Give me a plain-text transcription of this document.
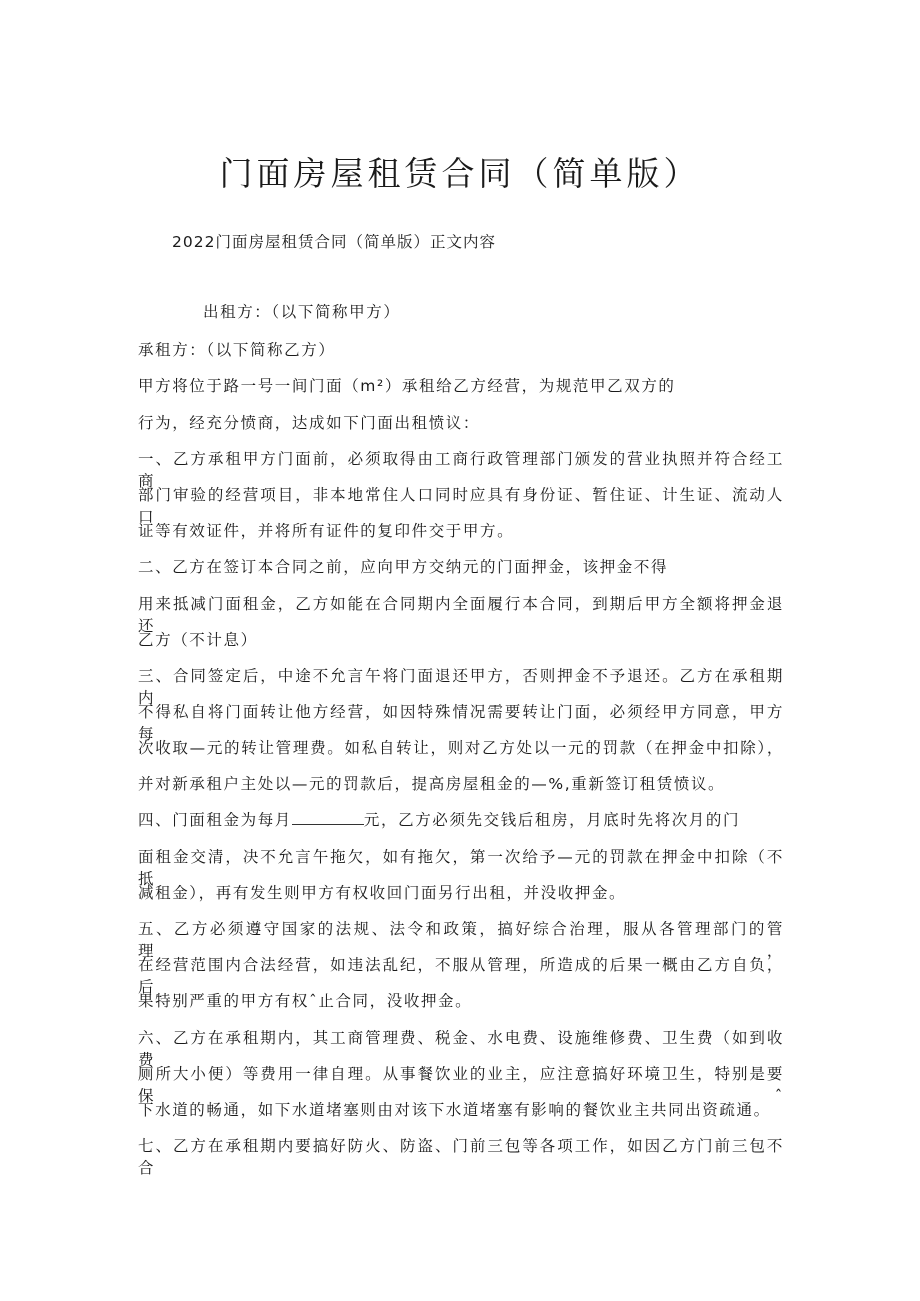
门面房屋租赁合同（简单版）

2022门面房屋租赁合同（简单版）正文内容

出租方：（以下简称甲方）

承租方：（以下简称乙方）

甲方将位于路一号一间门面（m²）承租给乙方经营，为规范甲乙双方的

行为，经充分愤商，达成如下门面出租愤议：

一、乙方承租甲方门面前，必须取得由工商行政管理部门颁发的营业执照并符合经工商

部门审验的经营项目，非本地常住人口同时应具有身份证、暂住证、计生证、流动人口

证等有效证件，并将所有证件的复印件交于甲方。

二、乙方在签订本合同之前，应向甲方交纳元的门面押金，该押金不得

用来抵减门面租金，乙方如能在合同期内全面履行本合同，到期后甲方全额将押金退还

乙方（不计息）

三、合同签定后，中途不允言午将门面退还甲方，否则押金不予退还。乙方在承租期内

不得私自将门面转让他方经营，如因特殊情况需要转让门面，必须经甲方同意，甲方每

次收取—元的转让管理费。如私自转让，则对乙方处以一元的罚款（在押金中扣除），

并对新承租户主处以—元的罚款后，提高房屋租金的—%,重新签订租赁愤议。

四、门面租金为每月	元，乙方必须先交钱后租房，月底时先将次月的门

面租金交清，决不允言午拖欠，如有拖欠，第一次给予—元的罚款在押金中扣除（不抵

减租金），再有发生则甲方有权收回门面另行出租，并没收押金。

五、乙方必须遵守国家的法规、法令和政策，搞好综合治理，服从各管理部门的管理，

在经营范围内合法经营，如违法乱纪，不服从管理，所造成的后果一概由乙方自负，后

果特别严重的甲方有权ˆ止合同，没收押金。

六、乙方在承租期内，其工商管理费、税金、水电费、设施维修费、卫生费（如到收费

厕所大小便）等费用一律自理。从事餐饮业的业主，应注意搞好环境卫生，特别是要保ˆ

下水道的畅通，如下水道堵塞则由对该下水道堵塞有影响的餐饮业主共同出资疏通。

七、乙方在承租期内要搞好防火、防盗、门前三包等各项工作，如因乙方门前三包不合
